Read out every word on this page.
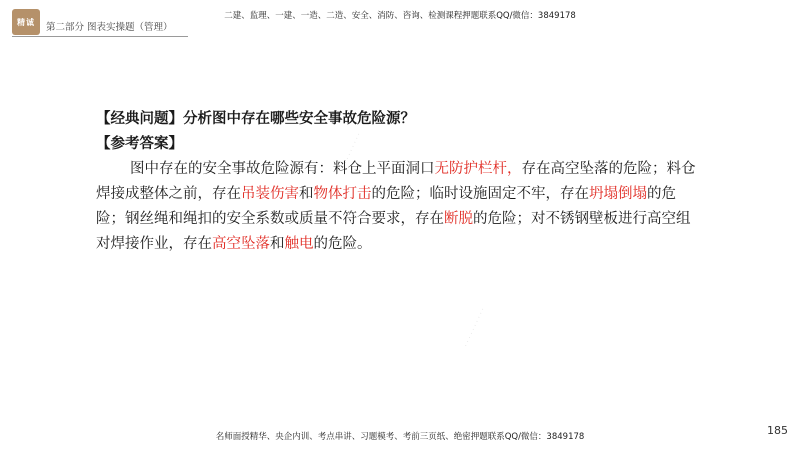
精诚 第二部分 图表实操题（管理）
二建、监理、一建、一造、二造、安全、消防、咨询、检测课程押题联系QQ/微信：3849178

【经典问题】分析图中存在哪些安全事故危险源？

【参考答案】

图中存在的安全事故危险源有：料仓上平面洞口无防护栏杆，存在高空坠落的危险；料仓焊接成整体之前，存在吊装伤害和物体打击的危险；临时设施固定不牢，存在坍塌倒塌的危险；钢丝绳和绳扣的安全系数或质量不符合要求，存在断脱的危险；对不锈钢壁板进行高空组对焊接作业，存在高空坠落和触电的危险。

名师面授精华、央企内训、考点串讲、习题模考、考前三页纸、绝密押题联系QQ/微信：3849178	185
· · · · · · · · · ·
· · · · · · · · · ·
